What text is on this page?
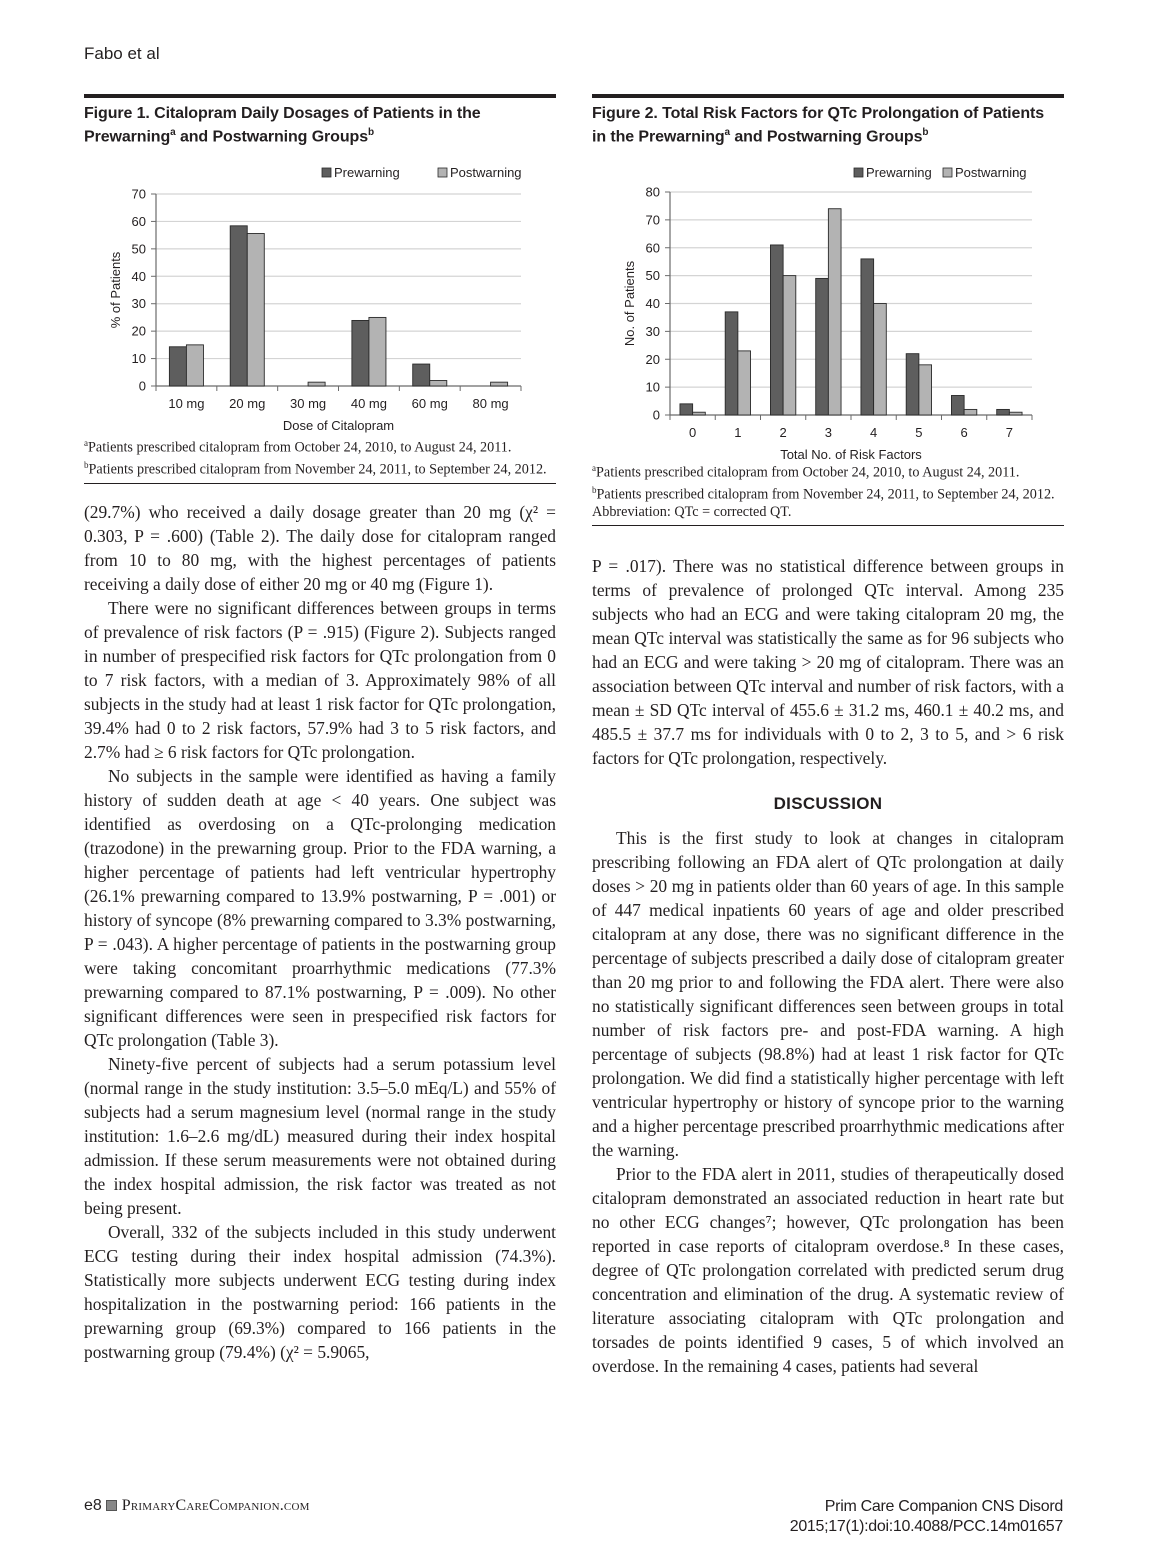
Fabo et al
Figure 1. Citalopram Daily Dosages of Patients in the
Prewarning$^a$ and Postwarning Groups$^b$
0
10
20
30
40
50
60
70
10 mg 20 mg 30 mg 40 mg 60 mg 80 mg
Dose of Citalopram
% of Patients
Prewarning	Postwarning
$^a$Patients prescribed citalopram from October 24, 2010, to August 24, 2011.
$^b$Patients prescribed citalopram from November 24, 2011, to September 24, 2012.

(29.7%) who received a daily dosage greater than 20 mg (χ² = 0.303, P = .600) (Table 2). The daily dose for citalopram ranged from 10 to 80 mg, with the highest percentages of patients receiving a daily dose of either 20 mg or 40 mg (Figure 1).

There were no significant differences between groups in terms of prevalence of risk factors (P = .915) (Figure 2). Subjects ranged in number of prespecified risk factors for QTc prolongation from 0 to 7 risk factors, with a median of 3. Approximately 98% of all subjects in the study had at least 1 risk factor for QTc prolongation, 39.4% had 0 to 2 risk factors, 57.9% had 3 to 5 risk factors, and 2.7% had ≥ 6 risk factors for QTc prolongation.

No subjects in the sample were identified as having a family history of sudden death at age < 40 years. One subject was identified as overdosing on a QTc-prolonging medication (trazodone) in the prewarning group. Prior to the FDA warning, a higher percentage of patients had left ventricular hypertrophy (26.1% prewarning compared to 13.9% postwarning, P = .001) or history of syncope (8% prewarning compared to 3.3% postwarning, P = .043). A higher percentage of patients in the postwarning group were taking concomitant proarrhythmic medications (77.3% prewarning compared to 87.1% postwarning, P = .009). No other significant differences were seen in prespecified risk factors for QTc prolongation (Table 3).

Ninety-five percent of subjects had a serum potassium level (normal range in the study institution: 3.5–5.0 mEq/L) and 55% of subjects had a serum magnesium level (normal range in the study institution: 1.6–2.6 mg/dL) measured during their index hospital admission. If these serum measurements were not obtained during the index hospital admission, the risk factor was treated as not being present.

Overall, 332 of the subjects included in this study underwent ECG testing during their index hospital admission (74.3%). Statistically more subjects underwent ECG testing during index hospitalization in the postwarning period: 166 patients in the prewarning group (69.3%) compared to 166 patients in the postwarning group (79.4%) (χ² = 5.9065,

Figure 2. Total Risk Factors for QTc Prolongation of Patients
in the Prewarning$^a$ and Postwarning Groups$^b$
0
10
20
30
40
50
60
70
80
0	1	2	3	4	5	6	7
Total No. of Risk Factors
No. of Patients
Prewarning Postwarning
$^a$Patients prescribed citalopram from October 24, 2010, to August 24, 2011.
$^b$Patients prescribed citalopram from November 24, 2011, to September 24, 2012.
Abbreviation: QTc = corrected QT.

P = .017). There was no statistical difference between groups in terms of prevalence of prolonged QTc interval. Among 235 subjects who had an ECG and were taking citalopram 20 mg, the mean QTc interval was statistically the same as for 96 subjects who had an ECG and were taking > 20 mg of citalopram. There was an association between QTc interval and number of risk factors, with a mean ± SD QTc interval of 455.6 ± 31.2 ms, 460.1 ± 40.2 ms, and 485.5 ± 37.7 ms for individuals with 0 to 2, 3 to 5, and > 6 risk factors for QTc prolongation, respectively.

DISCUSSION

This is the first study to look at changes in citalopram prescribing following an FDA alert of QTc prolongation at daily doses > 20 mg in patients older than 60 years of age. In this sample of 447 medical inpatients 60 years of age and older prescribed citalopram at any dose, there was no significant difference in the percentage of subjects prescribed a daily dose of citalopram greater than 20 mg prior to and following the FDA alert. There were also no statistically significant differences seen between groups in total number of risk factors pre- and post-FDA warning. A high percentage of subjects (98.8%) had at least 1 risk factor for QTc prolongation. We did find a statistically higher percentage with left ventricular hypertrophy or history of syncope prior to the warning and a higher percentage prescribed proarrhythmic medications after the warning.

Prior to the FDA alert in 2011, studies of therapeutically dosed citalopram demonstrated an associated reduction in heart rate but no other ECG changes⁷; however, QTc prolongation has been reported in case reports of citalopram overdose.⁸ In these cases, degree of QTc prolongation correlated with predicted serum drug concentration and elimination of the drug. A systematic review of literature associating citalopram with QTc prolongation and torsades de points identified 9 cases, 5 of which involved an overdose. In the remaining 4 cases, patients had several

e8 PrimaryCareCompanion.com	Prim Care Companion CNS Disord
2015;17(1):doi:10.4088/PCC.14m01657
